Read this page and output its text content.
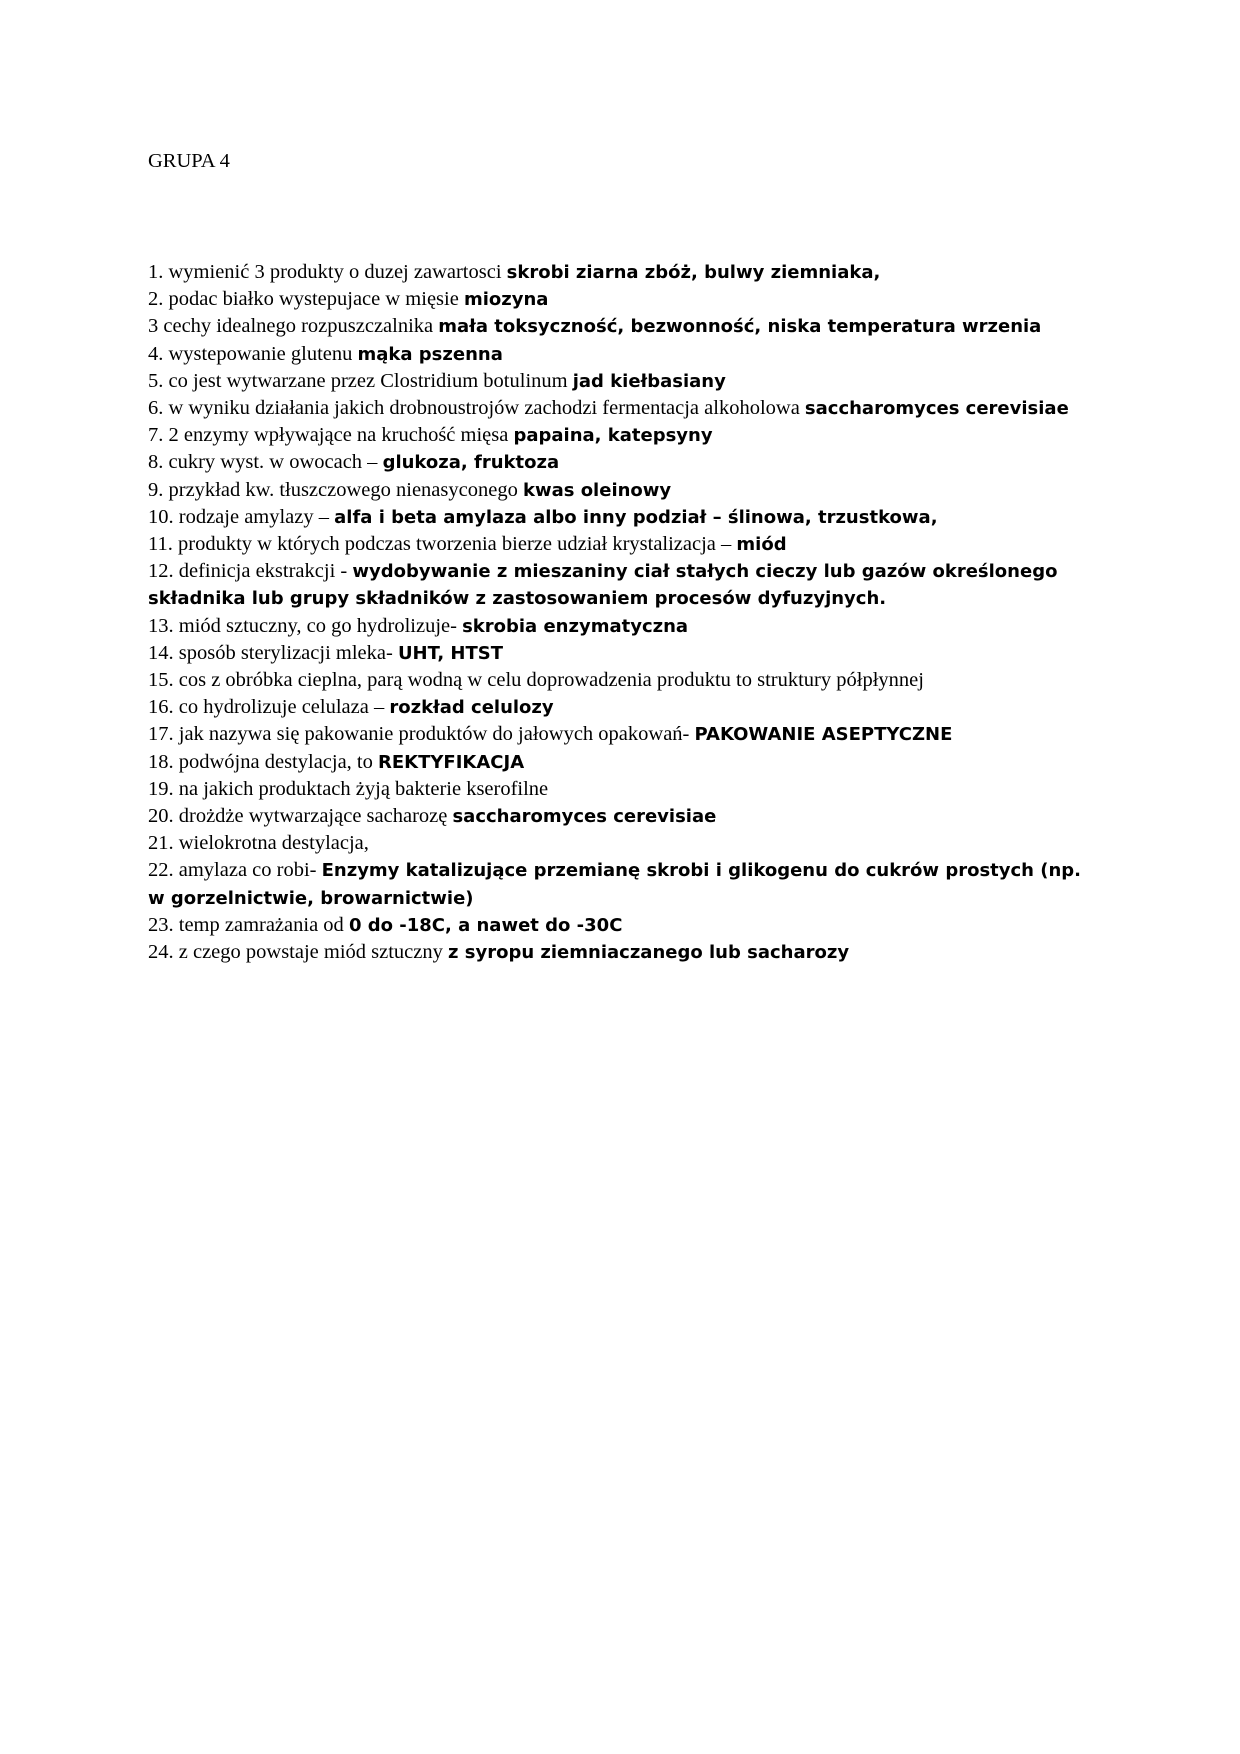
GRUPA 4

1. wymienić 3 produkty o duzej zawartosci skrobi ziarna zbóż, bulwy ziemniaka,

2. podac białko wystepujace w mięsie miozyna

3 cechy idealnego rozpuszczalnika mała toksyczność, bezwonność, niska temperatura wrzenia

4. wystepowanie glutenu mąka pszenna

5. co jest wytwarzane przez Clostridium botulinum jad kiełbasiany

6. w wyniku działania jakich drobnoustrojów zachodzi fermentacja alkoholowa saccharomyces cerevisiae

7. 2 enzymy wpływające na kruchość mięsa papaina, katepsyny

8. cukry wyst. w owocach – glukoza, fruktoza

9. przykład kw. tłuszczowego nienasyconego kwas oleinowy

10. rodzaje amylazy – alfa i beta amylaza albo inny podział – ślinowa, trzustkowa,

11. produkty w których podczas tworzenia bierze udział krystalizacja – miód

12. definicja ekstrakcji - wydobywanie z mieszaniny ciał stałych cieczy lub gazów określonego składnika lub grupy składników z zastosowaniem procesów dyfuzyjnych.

13. miód sztuczny, co go hydrolizuje- skrobia enzymatyczna

14. sposób sterylizacji mleka- UHT, HTST

15. cos z obróbka cieplna, parą wodną w celu doprowadzenia produktu to struktury półpłynnej

16. co hydrolizuje celulaza – rozkład celulozy

17. jak nazywa się pakowanie produktów do jałowych opakowań- PAKOWANIE ASEPTYCZNE

18. podwójna destylacja, to REKTYFIKACJA

19. na jakich produktach żyją bakterie kserofilne

20. drożdże wytwarzające sacharozę saccharomyces cerevisiae

21. wielokrotna destylacja,

22. amylaza co robi- Enzymy katalizujące przemianę skrobi i glikogenu do cukrów prostych (np. w gorzelnictwie, browarnictwie)

23. temp zamrażania od 0 do -18C, a nawet do -30C

24. z czego powstaje miód sztuczny z syropu ziemniaczanego lub sacharozy
